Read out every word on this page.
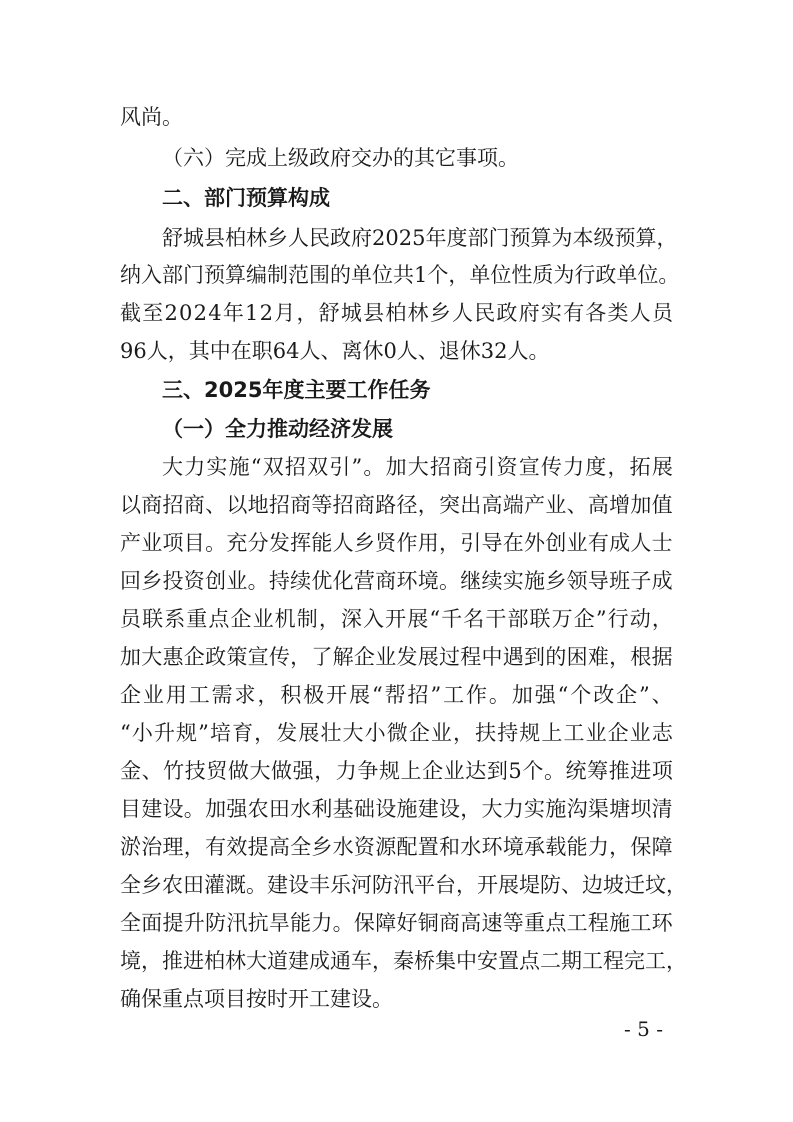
风尚。
（六）完成上级政府交办的其它事项。
二、部门预算构成
舒 城 县 柏 林 乡 人 民 政 府 2 0 2 5 年 度 部 门 预 算 为 本 级 预 算 ，
纳 入 部 门 预 算 编 制 范 围 的 单 位 共 1 个 ， 单 位 性 质 为 行 政 单 位 。
截 至 2 0 2 4 年 1 2 月 ， 舒 城 县 柏 林 乡 人 民 政 府 实 有 各 类 人 员
96人，其中在职64人、离休0人、退休32人。
三、2025年度主要工作任务
（一）全力推动经济发展
大 力 实 施 “ 双 招 双 引 ” 。 加 大 招 商 引 资 宣 传 力 度 ， 拓 展
以 商 招 商 、 以 地 招 商 等 招 商 路 径 ， 突 出 高 端 产 业 、 高 增 加 值
产 业 项 目 。 充 分 发 挥 能 人 乡 贤 作 用 ， 引 导 在 外 创 业 有 成 人 士
回 乡 投 资 创 业 。 持 续 优 化 营 商 环 境 。 继 续 实 施 乡 领 导 班 子 成
员 联 系 重 点 企 业 机 制 ， 深 入 开 展 “ 千 名 干 部 联 万 企 ” 行 动 ，
加 大 惠 企 政 策 宣 传 ， 了 解 企 业 发 展 过 程 中 遇 到 的 困 难 ， 根 据
企 业 用 工 需 求 ， 积 极 开 展 “ 帮 招 ” 工 作 。 加 强 “ 个 改 企 ” 、
“ 小 升 规 ” 培 育 ， 发 展 壮 大 小 微 企 业 ， 扶 持 规 上 工 业 企 业 志
金 、 竹 技 贸 做 大 做 强 ， 力 争 规 上 企 业 达 到 5 个 。 统 筹 推 进 项
目 建 设 。 加 强 农 田 水 利 基 础 设 施 建 设 ， 大 力 实 施 沟 渠 塘 坝 清
淤 治 理 ， 有 效 提 高 全 乡 水 资 源 配 置 和 水 环 境 承 载 能 力 ， 保 障
全 乡 农 田 灌 溉 。 建 设 丰 乐 河 防 汛 平 台 ， 开 展 堤 防 、 边 坡 迁 坟 ，
全 面 提 升 防 汛 抗 旱 能 力 。 保 障 好 铜 商 高 速 等 重 点 工 程 施 工 环
境 ， 推 进 柏 林 大 道 建 成 通 车 ， 秦 桥 集 中 安 置 点 二 期 工 程 完 工 ，
确保重点项目按时开工建设。
- 5 -
